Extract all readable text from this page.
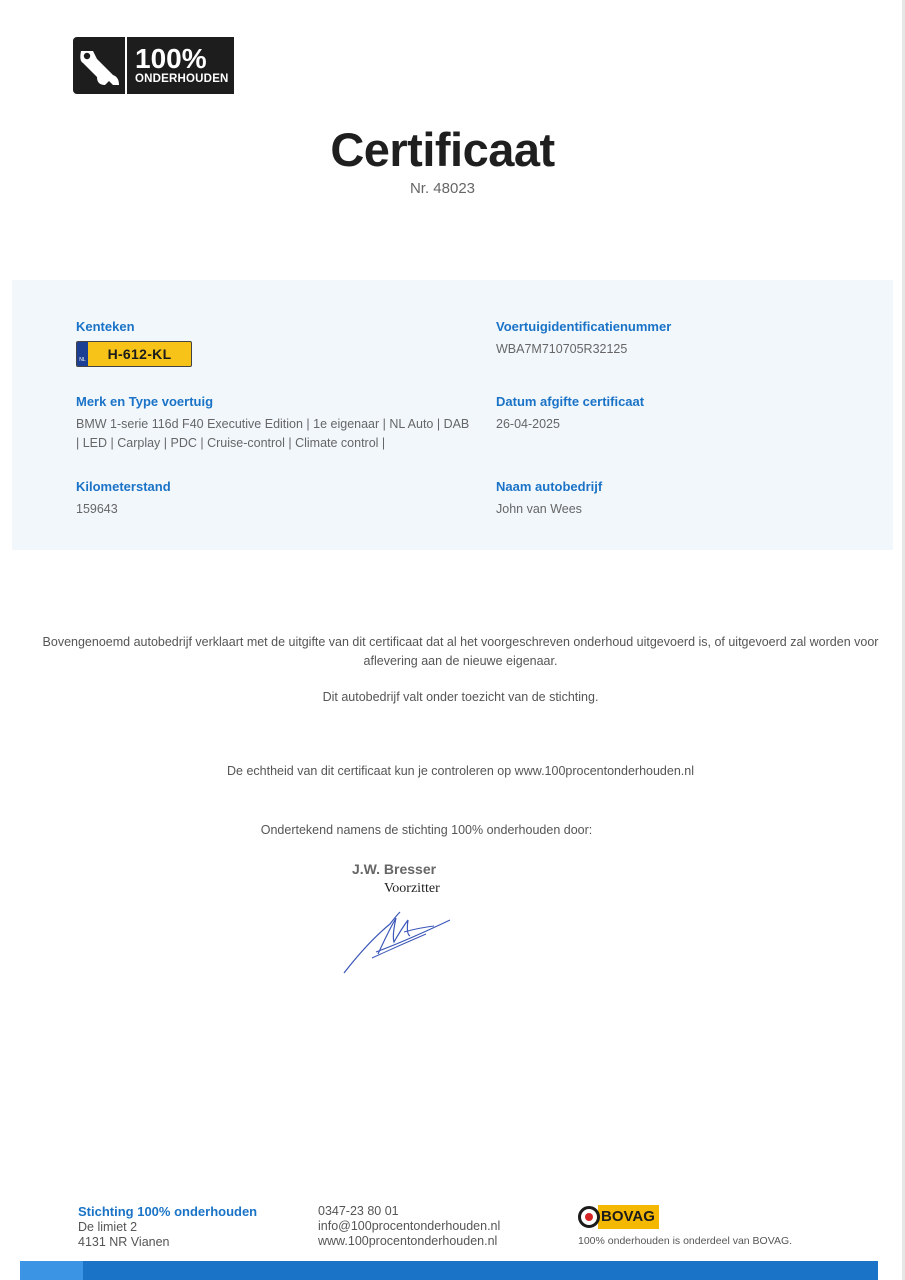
100%
ONDERHOUDEN
Certificaat
Nr. 48023
Kenteken
NL	H-612-KL
Voertuigidentificatienummer
WBA7M710705R32125
Merk en Type voertuig
BMW 1-serie 116d F40 Executive Edition | 1e eigenaar | NL Auto | DAB
| LED | Carplay | PDC | Cruise-control | Climate control |
Datum afgifte certificaat
26-04-2025
Kilometerstand
159643
Naam autobedrijf
John van Wees
Bovengenoemd autobedrijf verklaart met de uitgifte van dit certificaat dat al het voorgeschreven onderhoud uitgevoerd is, of uitgevoerd zal worden voor
aflevering aan de nieuwe eigenaar.
Dit autobedrijf valt onder toezicht van de stichting.
De echtheid van dit certificaat kun je controleren op www.100procentonderhouden.nl
Ondertekend namens de stichting 100% onderhouden door:
J.W. Bresser
Voorzitter
Stichting 100% onderhouden
De limiet 2
4131 NR Vianen
0347-23 80 01
info@100procentonderhouden.nl
www.100procentonderhouden.nl
BOVAG
100% onderhouden is onderdeel van BOVAG.
